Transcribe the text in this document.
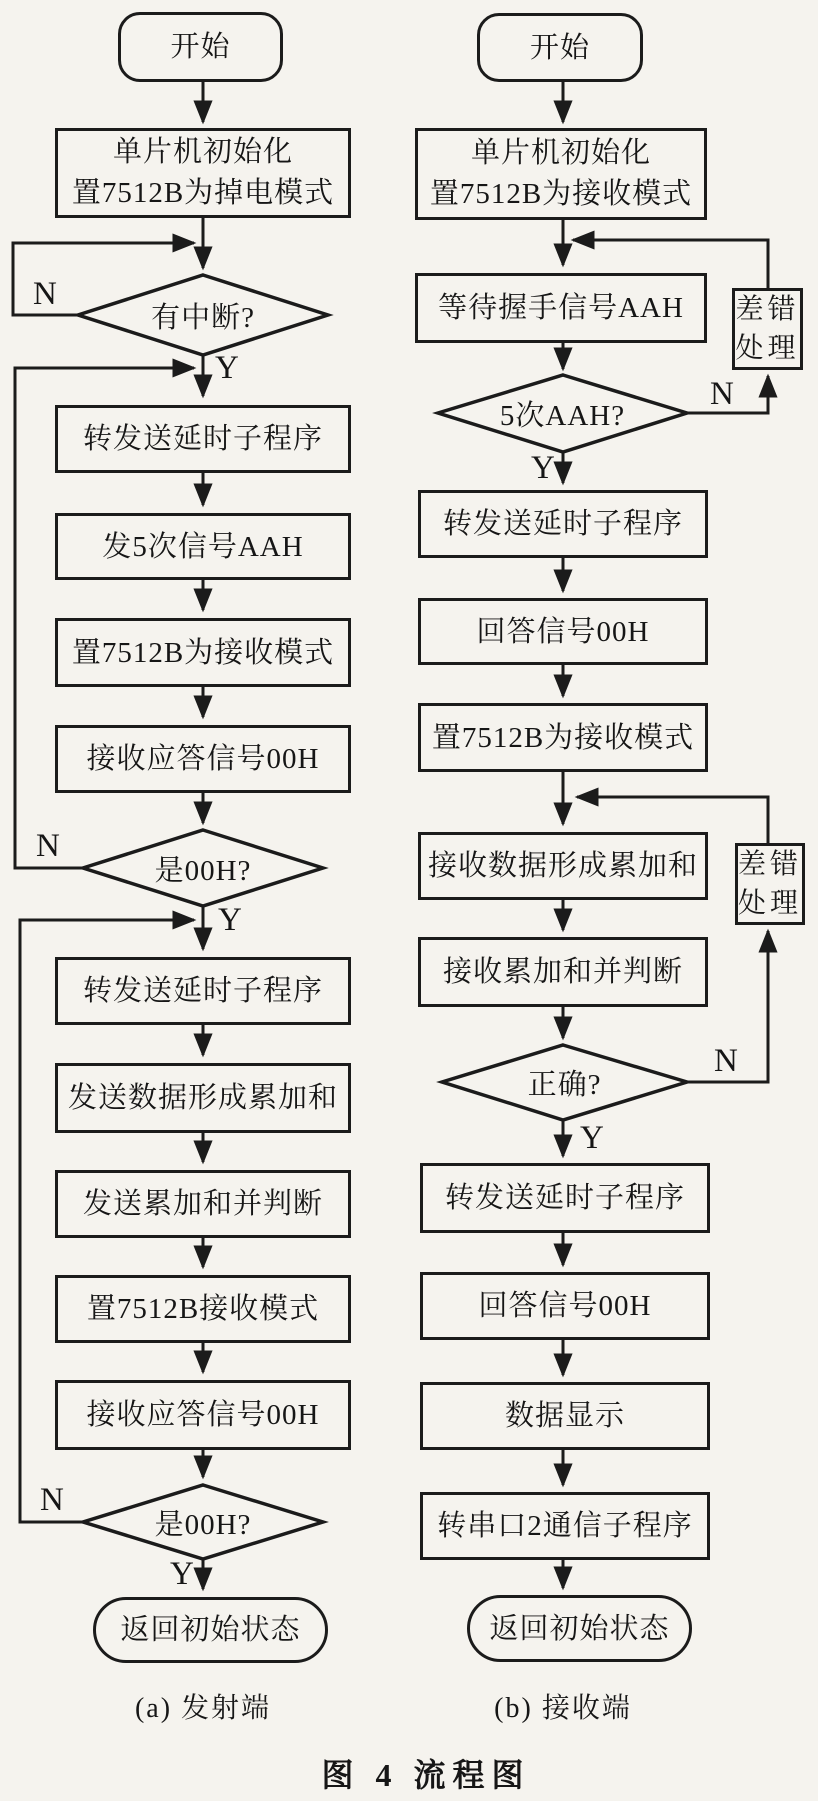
开始
单片机初始化
置7512B为掉电模式
有中断?
N
Y
转发送延时子程序
发5次信号AAH
置7512B为接收模式
接收应答信号00H
是00H?
N
Y
转发送延时子程序
发送数据形成累加和
发送累加和并判断
置7512B接收模式
接收应答信号00H
是00H?
N
Y
返回初始状态
(a) 发射端
开始
单片机初始化
置7512B为接收模式
等待握手信号AAH
5次AAH?
N
Y
差错
处理
转发送延时子程序
回答信号00H
置7512B为接收模式
接收数据形成累加和	差错
处理
接收累加和并判断
正确?
N
Y
转发送延时子程序
回答信号00H
数据显示
转串口2通信子程序
返回初始状态
(b) 接收端
图 4 流程图
